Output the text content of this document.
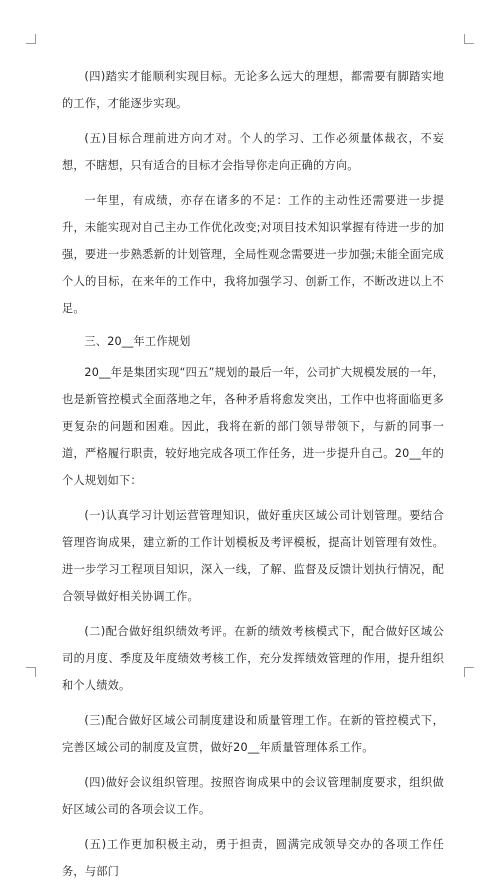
(四)踏实才能顺利实现目标。无论多么远大的理想，都需要有脚踏实地的工作，才能逐步实现。

(五)目标合理前进方向才对。个人的学习、工作必须量体裁衣，不妄想，不瞎想，只有适合的目标才会指导你走向正确的方向。

一年里，有成绩，亦存在诸多的不足：工作的主动性还需要进一步提升，未能实现对自己主办工作优化改变;对项目技术知识掌握有待进一步的加强，要进一步熟悉新的计划管理，全局性观念需要进一步加强;未能全面完成个人的目标，在来年的工作中，我将加强学习、创新工作，不断改进以上不足。

三、20__年工作规划

20__年是集团实现“四五”规划的最后一年，公司扩大规模发展的一年，也是新管控模式全面落地之年，各种矛盾将愈发突出，工作中也将面临更多更复杂的问题和困难。因此，我将在新的部门领导带领下，与新的同事一道，严格履行职责，较好地完成各项工作任务，进一步提升自己。20__年的个人规划如下：

(一)认真学习计划运营管理知识，做好重庆区域公司计划管理。要结合管理咨询成果，建立新的工作计划模板及考评模板，提高计划管理有效性。进一步学习工程项目知识，深入一线，了解、监督及反馈计划执行情况，配合领导做好相关协调工作。

(二)配合做好组织绩效考评。在新的绩效考核模式下，配合做好区域公司的月度、季度及年度绩效考核工作，充分发挥绩效管理的作用，提升组织和个人绩效。

(三)配合做好区域公司制度建设和质量管理工作。在新的管控模式下，完善区域公司的制度及宣贯，做好20__年质量管理体系工作。

(四)做好会议组织管理。按照咨询成果中的会议管理制度要求，组织做好区域公司的各项会议工作。

(五)工作更加积极主动，勇于担责，圆满完成领导交办的各项工作任务，与部门
